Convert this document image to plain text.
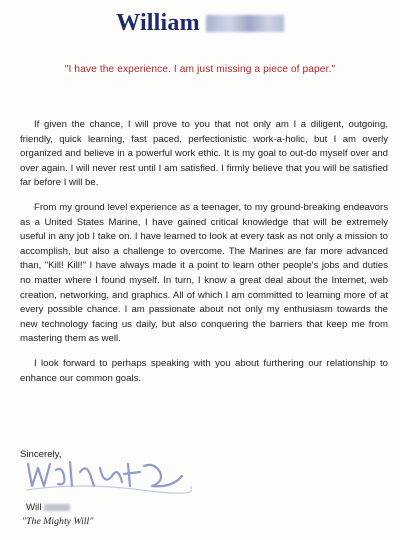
William
"I have the experience. I am just missing a piece of paper."

If given the chance, I will prove to you that not only am I a diligent, outgoing, friendly, quick learning, fast paced, perfectionistic work-a-holic, but I am overly organized and believe in a powerful work ethic. It is my goal to out-do myself over and over again. I will never rest until I am satisfied. I firmly believe that you will be satisfied far before I will be.

From my ground level experience as a teenager, to my ground-breaking endeavors as a United States Marine, I have gained critical knowledge that will be extremely useful in any job I take on. I have learned to look at every task as not only a mission to accomplish, but also a challenge to overcome. The Marines are far more advanced than, "Kill! Kill!" I have always made it a point to learn other people's jobs and duties no matter where I found myself. In turn, I know a great deal about the Internet, web creation, networking, and graphics. All of which I am committed to learning more of at every possible chance. I am passionate about not only my enthusiasm towards the new technology facing us daily, but also conquering the barriers that keep me from mastering them as well.

I look forward to perhaps speaking with you about furthering our relationship to enhance our common goals.

Sincerely,
Will
"The Mighty Will"
